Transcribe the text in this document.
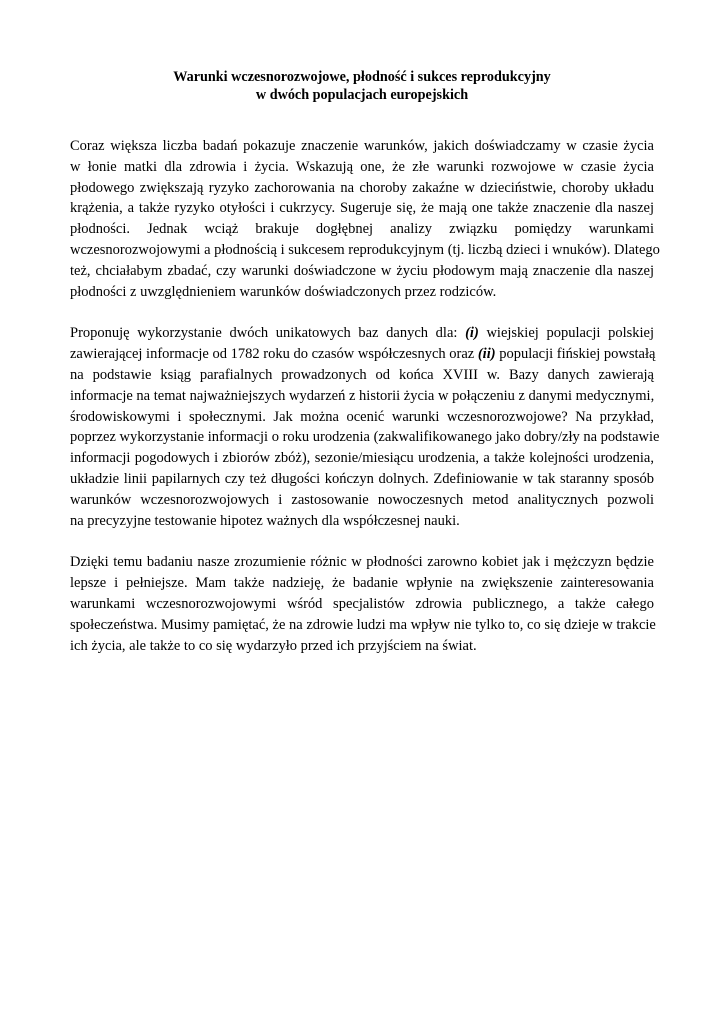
Warunki wczesnorozwojowe, płodność i sukces reprodukcyjny
w dwóch populacjach europejskich

Coraz większa liczba badań pokazuje znaczenie warunków, jakich doświadczamy w czasie życia
w łonie matki dla zdrowia i życia. Wskazują one, że złe warunki rozwojowe w czasie życia
płodowego zwiększają ryzyko zachorowania na choroby zakaźne w dzieciństwie, choroby układu
krążenia, a także ryzyko otyłości i cukrzycy. Sugeruje się, że mają one także znaczenie dla naszej
płodności. Jednak wciąż brakuje dogłębnej analizy związku pomiędzy warunkami
wczesnorozwojowymi a płodnością i sukcesem reprodukcyjnym (tj. liczbą dzieci i wnuków). Dlatego
też, chciałabym zbadać, czy warunki doświadczone w życiu płodowym mają znaczenie dla naszej
płodności z uwzględnieniem warunków doświadczonych przez rodziców.

Proponuję wykorzystanie dwóch unikatowych baz danych dla: (i) wiejskiej populacji polskiej
zawierającej informacje od 1782 roku do czasów współczesnych oraz (ii) populacji fińskiej powstałą
na podstawie ksiąg parafialnych prowadzonych od końca XVIII w. Bazy danych zawierają
informacje na temat najważniejszych wydarzeń z historii życia w połączeniu z danymi medycznymi,
środowiskowymi i społecznymi. Jak można ocenić warunki wczesnorozwojowe? Na przykład,
poprzez wykorzystanie informacji o roku urodzenia (zakwalifikowanego jako dobry/zły na podstawie
informacji pogodowych i zbiorów zbóż), sezonie/miesiącu urodzenia, a także kolejności urodzenia,
układzie linii papilarnych czy też długości kończyn dolnych. Zdefiniowanie w tak staranny sposób
warunków wczesnorozwojowych i zastosowanie nowoczesnych metod analitycznych pozwoli
na precyzyjne testowanie hipotez ważnych dla współczesnej nauki.

Dzięki temu badaniu nasze zrozumienie różnic w płodności zarowno kobiet jak i mężczyzn będzie
lepsze i pełniejsze. Mam także nadzieję, że badanie wpłynie na zwiększenie zainteresowania
warunkami wczesnorozwojowymi wśród specjalistów zdrowia publicznego, a także całego
społeczeństwa. Musimy pamiętać, że na zdrowie ludzi ma wpływ nie tylko to, co się dzieje w trakcie
ich życia, ale także to co się wydarzyło przed ich przyjściem na świat.
